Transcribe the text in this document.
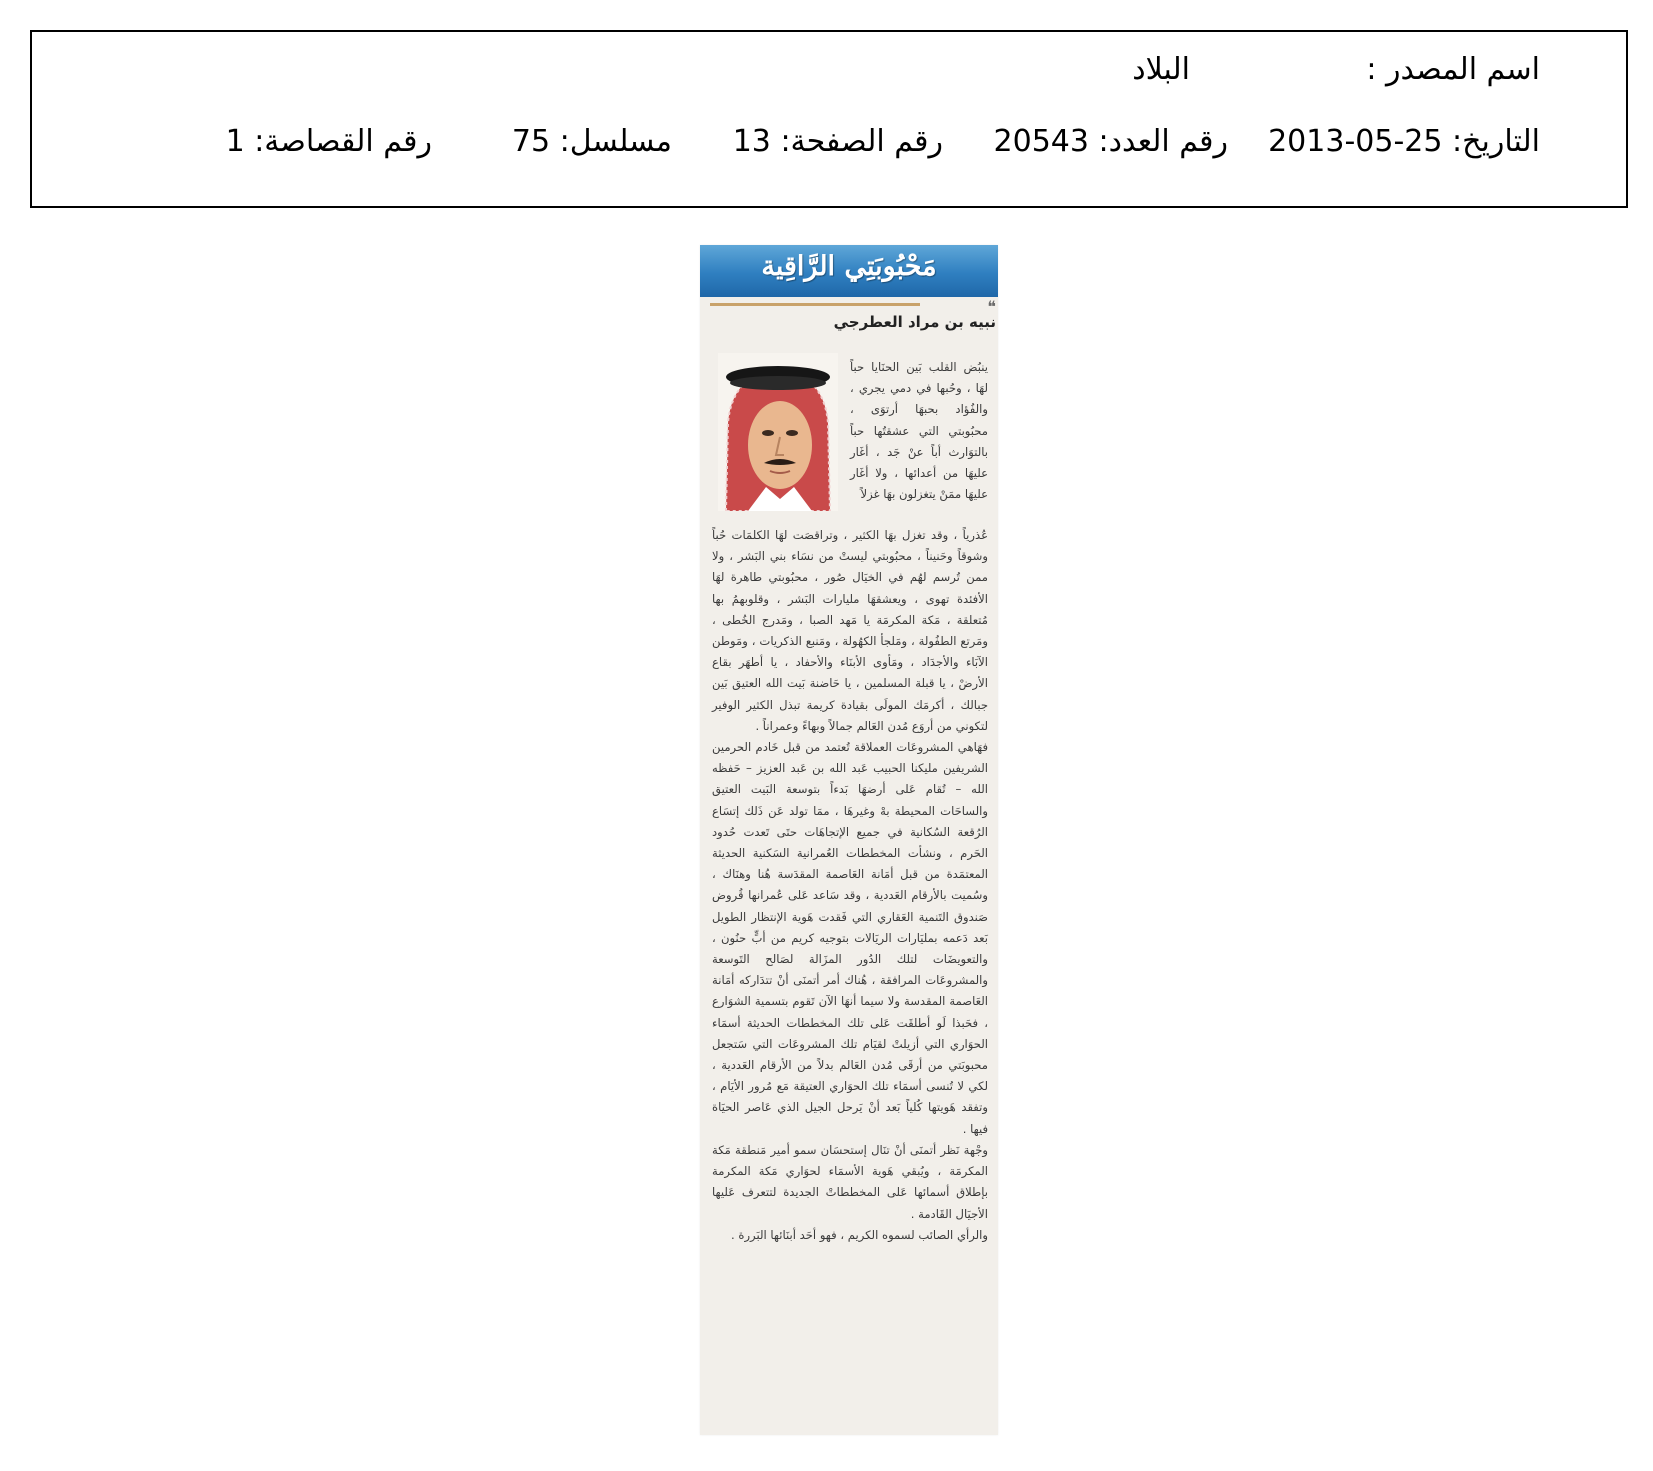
اسم المصدر :
البلاد
التاريخ: 25-05-2013
رقم العدد: 20543
رقم الصفحة: 13
مسلسل: 75
رقم القصاصة: 1
مَحْبُوبَتِي الرَّاقِية
❝
نبيه بن مراد العطرجي
ينبُض القلب بَين الحنَايا حباً لهَا ، وحُبها في دمي يجري ، والفُؤاد بحبهَا أرتوَى ، محبُوبتي التي عشقتُها حباً بالتوَارث أباً عنْ جَد ، أغَار عليهَا من أعدائها ، ولا أغَار عليهَا ممَنْ يتغزلون بهَا غزلاً

عُذرياً ، وقد تغزل بهَا الكثير ، وتراقصَت لهَا الكلمَات حُباً وشوقاً وحَنيناً ، محبُوبتي ليستْ من نسَاء بني البَشر ، ولا ممن تُرسم لهُم في الخيَال صُور ، محبُوبتي طاهرة لهَا الأفئدة تهوى ، ويعشقهَا مليارات البَشر ، وقلوبهمُ بها مُتعلقة ، مَكة المكرمَة يا مَهد الصبا ، ومَدرج الخُطى ، ومَرتع الطفُولة ، ومَلجأ الكهُولة ، ومَنبع الذكريات ، ومَوطن الآبَاء والأجدَاد ، ومَأوى الأبنَاء والأحفاد ، يا أطهَر بقاع الأرضْ ، يا قبلة المسلمين ، يا حَاضنة بَيت الله العتيق بَين جبالك ، أكرمَك المولَى بقيادة كريمة تبذل الكثير الوفير لتكوني من أروَع مُدن العَالم جمالاً وبهاءً وعمراناً .

فهَاهي المشروعَات العملاقة تُعتمد من قبل خَادم الحرمين الشريفين مليكنا الحبيب عَبد الله بن عَبد العزيز – حَفظه الله – تُقام عَلى أرضهَا بَدءاً بتوسعة البَيت العتيق والساحَات المحيطة بهْ وغيرهَا ، ممَا تولد عَن ذَلك إتسَاع الرُقعة السُكانية في جميع الإتجاهَات حتَى تَعدت حُدود الحَرم ، ونشأت المخططات العُمرانية السَكنية الحديثة المعتمَدة من قبل أمَانة العَاصمة المقدَسة هُنا وهنَاك ، وسُميت بالأرقام العَددية ، وقد سَاعد عَلى عُمرانها قُروض صَندوق التَنمية العَقاري التي فَقدت هَوية الإنتظار الطويل بَعد دَعمه بمليَارات الريَالات بتوجيه كريم من أبٍّ حنُون ، والتعويضَات لتلك الدُور المزَالة لصَالح التَوسعة والمشروعَات المرافقة ، هُناك أمر أتمنَى أنْ تتدَاركه أمَانة العَاصمة المقدسة ولا سيما أنهَا الآن تَقوم بتسمية الشوَارع ، فحَبذا لَو أطلقَت عَلى تلك المخططات الحديثة أسمَاء الحوَاري التي أزيلتْ لقيَام تلك المشروعَات التي سَتجعل محبوبَتي من أرقَى مُدن العَالم بدلاً من الأرقام العَددية ، لكي لا تُنسى أسمَاء تلك الحوَاري العتيقة مَع مُرور الأيَام ، وتفقد هَويتها كُلياً بَعد أنْ يَرحل الجيل الذي عَاصر الحيَاة فيها .

وجْهة نَظر أتمنَى أنْ تنَال إستحسَان سمو أمير مَنطقة مَكة المكرمَة ، ويُبقي هَوية الأسمَاء لحوَاري مَكة المكرمة بإطلاق أسمائها عَلى المخططاتْ الجديدة لتتعرف عَليها الأجيَال القَادمة .

والرأي الصائب لسموه الكريم ، فهو أحَد أبنَائها البَررة .
